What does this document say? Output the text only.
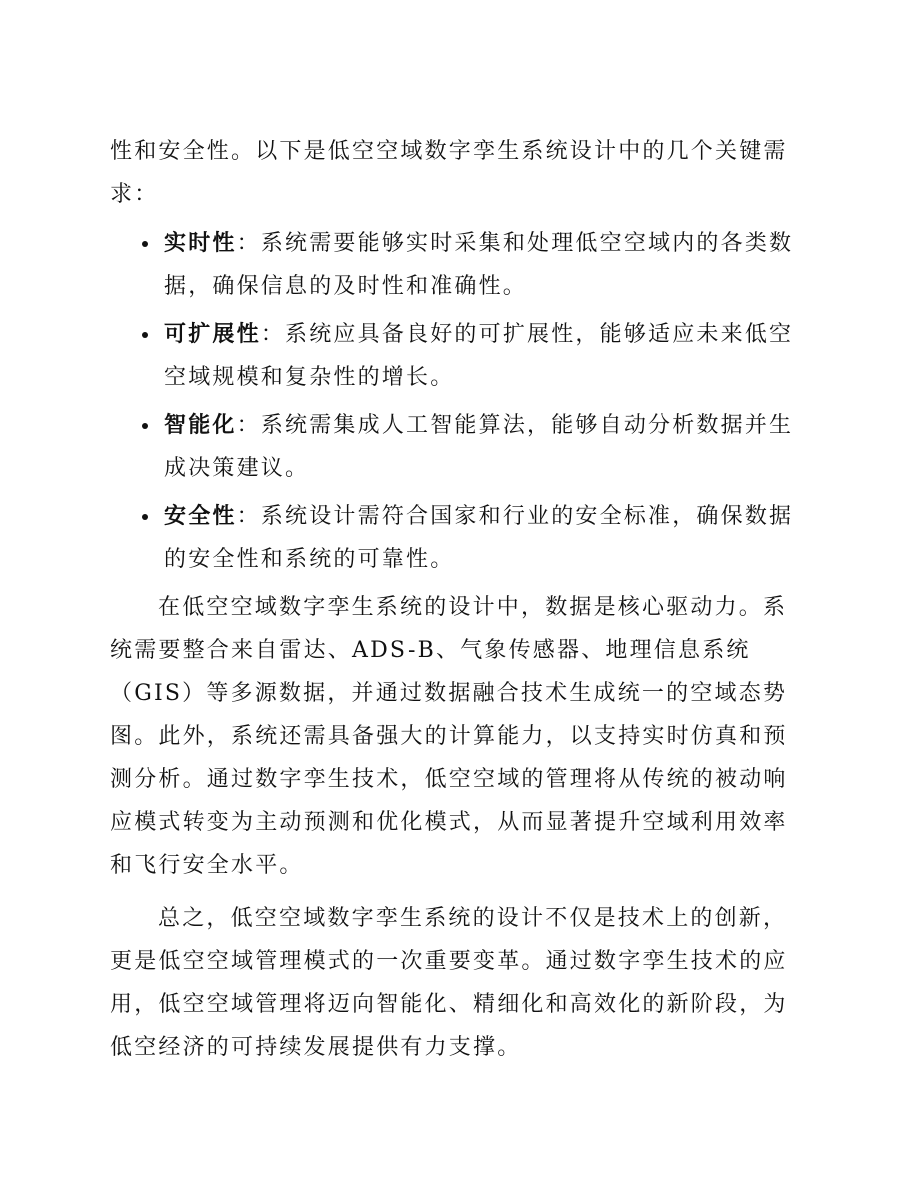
性和安全性。以下是低空空域数字孪生系统设计中的几个关键需求：

实时性：系统需要能够实时采集和处理低空空域内的各类数据，确保信息的及时性和准确性。
可扩展性：系统应具备良好的可扩展性，能够适应未来低空空域规模和复杂性的增长。
智能化：系统需集成人工智能算法，能够自动分析数据并生成决策建议。
安全性：系统设计需符合国家和行业的安全标准，确保数据的安全性和系统的可靠性。

在低空空域数字孪生系统的设计中，数据是核心驱动力。系统需要整合来自雷达、ADS-B、气象传感器、地理信息系统（GIS）等多源数据，并通过数据融合技术生成统一的空域态势图。此外，系统还需具备强大的计算能力，以支持实时仿真和预测分析。通过数字孪生技术，低空空域的管理将从传统的被动响应模式转变为主动预测和优化模式，从而显著提升空域利用效率和飞行安全水平。

总之，低空空域数字孪生系统的设计不仅是技术上的创新，更是低空空域管理模式的一次重要变革。通过数字孪生技术的应用，低空空域管理将迈向智能化、精细化和高效化的新阶段，为低空经济的可持续发展提供有力支撑。
